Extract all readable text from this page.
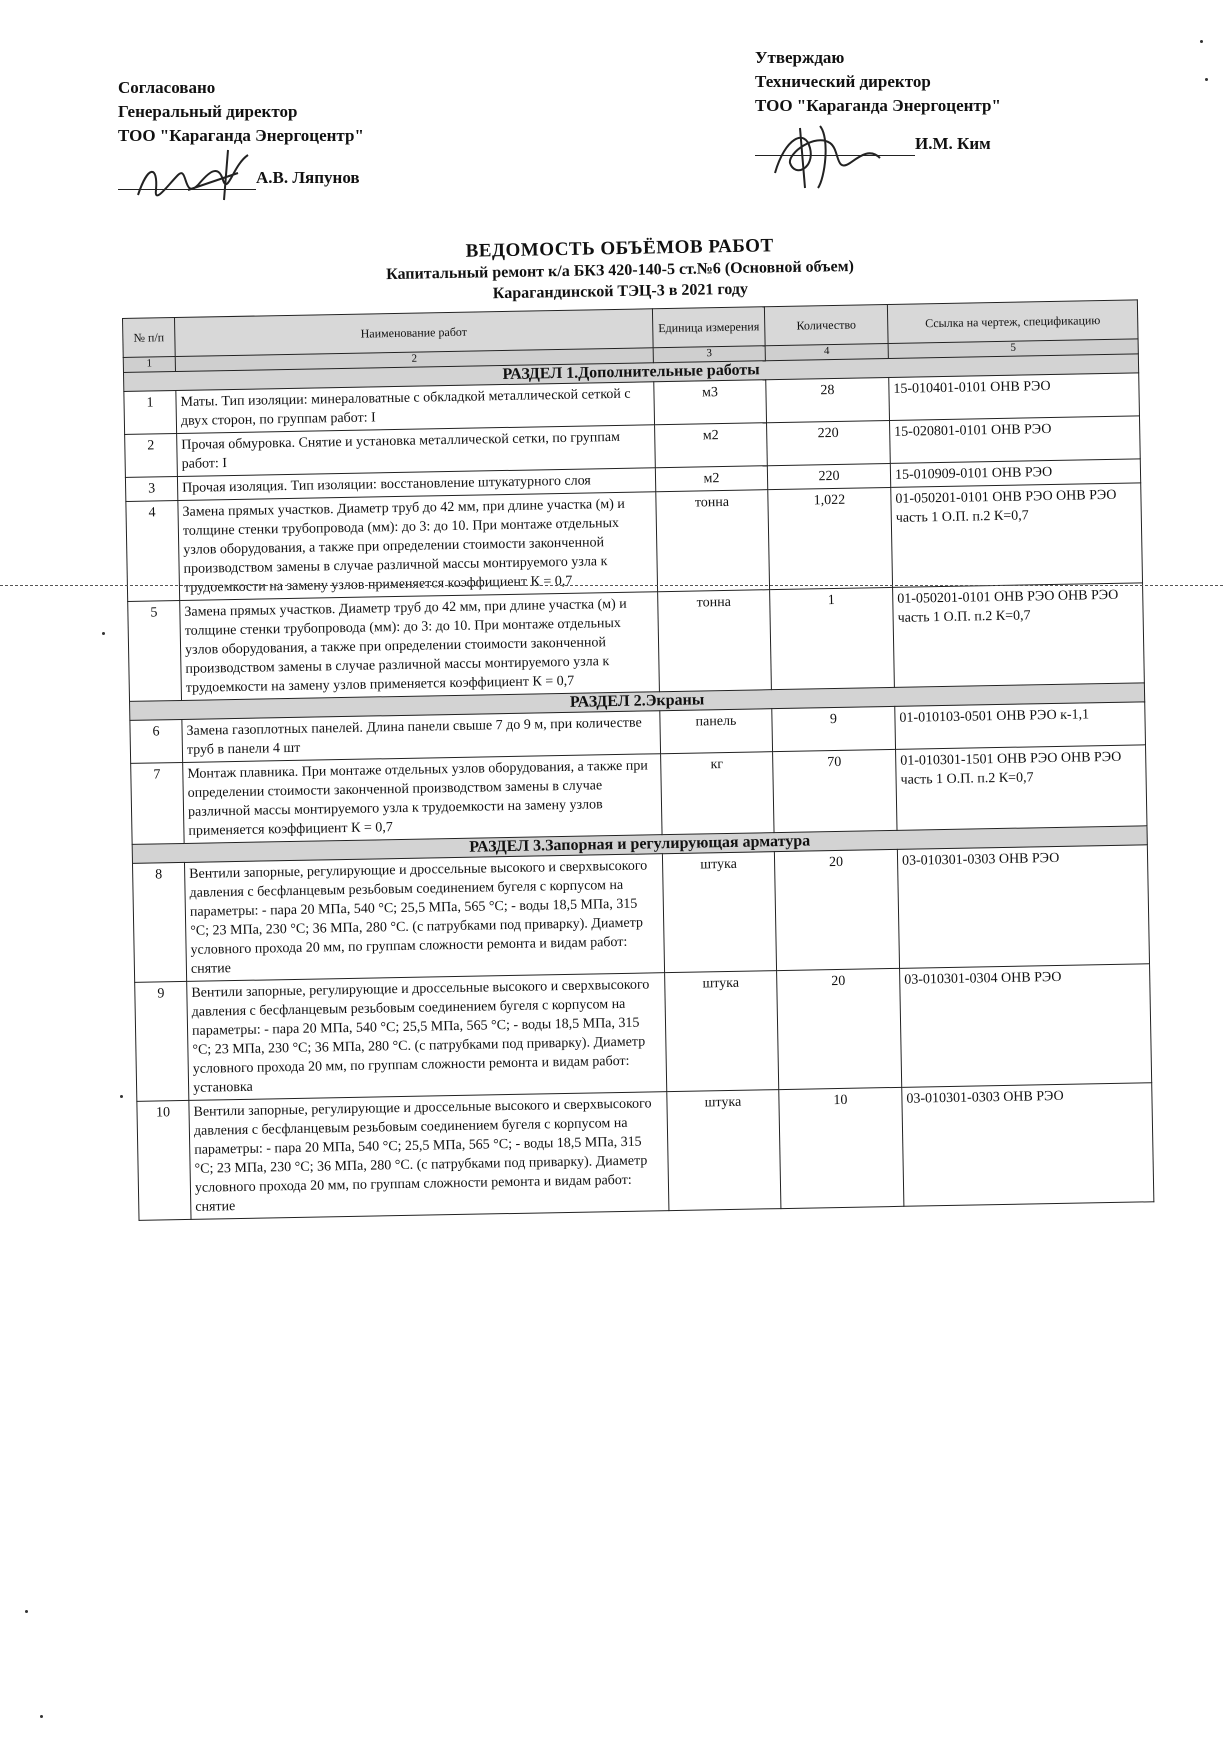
Согласовано
Генеральный директор
ТОО "Караганда Энергоцентр"
А.В. Ляпунов
Утверждаю
Технический директор
ТОО "Караганда Энергоцентр"
И.М. Ким
ВЕДОМОСТЬ ОБЪЁМОВ РАБОТ
Капитальный ремонт к/а БКЗ 420-140-5 ст.№6 (Основной объем)
Карагандинской ТЭЦ-3 в 2021 году
№ п/п	Наименование работ	Единица измерения	Количество	Ссылка на чертеж, спецификацию
1	2	3	4	5
РАЗДЕЛ 1.Дополнительные работы				
1	Маты. Тип изоляции: минераловатные с обкладкой металлической сеткой с двух сторон, по группам работ: I	м3	28	15-010401-0101 ОНВ РЭО
2	Прочая обмуровка. Снятие и установка металлической сетки, по группам работ: I	м2	220	15-020801-0101 ОНВ РЭО
3	Прочая изоляция. Тип изоляции: восстановление штукатурного слоя	м2	220	15-010909-0101 ОНВ РЭО
4	Замена прямых участков. Диаметр труб до 42 мм, при длине участка (м) и толщине стенки трубопровода (мм): до 3: до 10. При монтаже отдельных узлов оборудования, а также при определении стоимости законченной производством замены в случае различной массы монтируемого узла к трудоемкости на замену узлов применяется коэффициент К = 0,7	тонна	1,022	01-050201-0101 ОНВ РЭО ОНВ РЭО часть 1 О.П. п.2 К=0,7
5	Замена прямых участков. Диаметр труб до 42 мм, при длине участка (м) и толщине стенки трубопровода (мм): до 3: до 10. При монтаже отдельных узлов оборудования, а также при определении стоимости законченной производством замены в случае различной массы монтируемого узла к трудоемкости на замену узлов применяется коэффициент К = 0,7	тонна	1	01-050201-0101 ОНВ РЭО ОНВ РЭО часть 1 О.П. п.2 К=0,7
РАЗДЕЛ 2.Экраны				
6	Замена газоплотных панелей. Длина панели свыше 7 до 9 м, при количестве труб в панели 4 шт	панель	9	01-010103-0501 ОНВ РЭО к-1,1
7	Монтаж плавника. При монтаже отдельных узлов оборудования, а также при определении стоимости законченной производством замены в случае различной массы монтируемого узла к трудоемкости на замену узлов применяется коэффициент К = 0,7	кг	70	01-010301-1501 ОНВ РЭО ОНВ РЭО часть 1 О.П. п.2 К=0,7
РАЗДЕЛ 3.Запорная и регулирующая арматура				
8	Вентили запорные, регулирующие и дроссельные высокого и сверхвысокого давления с бесфланцевым резьбовым соединением бугеля с корпусом на параметры: - пара 20 МПа, 540 °С; 25,5 МПа, 565 °С; - воды 18,5 МПа, 315 °С; 23 МПа, 230 °С; 36 МПа, 280 °С. (с патрубками под приварку). Диаметр условного прохода 20 мм, по группам сложности ремонта и видам работ: снятие	штука	20	03-010301-0303 ОНВ РЭО
9	Вентили запорные, регулирующие и дроссельные высокого и сверхвысокого давления с бесфланцевым резьбовым соединением бугеля с корпусом на параметры: - пара 20 МПа, 540 °С; 25,5 МПа, 565 °С; - воды 18,5 МПа, 315 °С; 23 МПа, 230 °С; 36 МПа, 280 °С. (с патрубками под приварку). Диаметр условного прохода 20 мм, по группам сложности ремонта и видам работ: установка	штука	20	03-010301-0304 ОНВ РЭО
10	Вентили запорные, регулирующие и дроссельные высокого и сверхвысокого давления с бесфланцевым резьбовым соединением бугеля с корпусом на параметры: - пара 20 МПа, 540 °С; 25,5 МПа, 565 °С; - воды 18,5 МПа, 315 °С; 23 МПа, 230 °С; 36 МПа, 280 °С. (с патрубками под приварку). Диаметр условного прохода 20 мм, по группам сложности ремонта и видам работ: снятие	штука	10	03-010301-0303 ОНВ РЭО
